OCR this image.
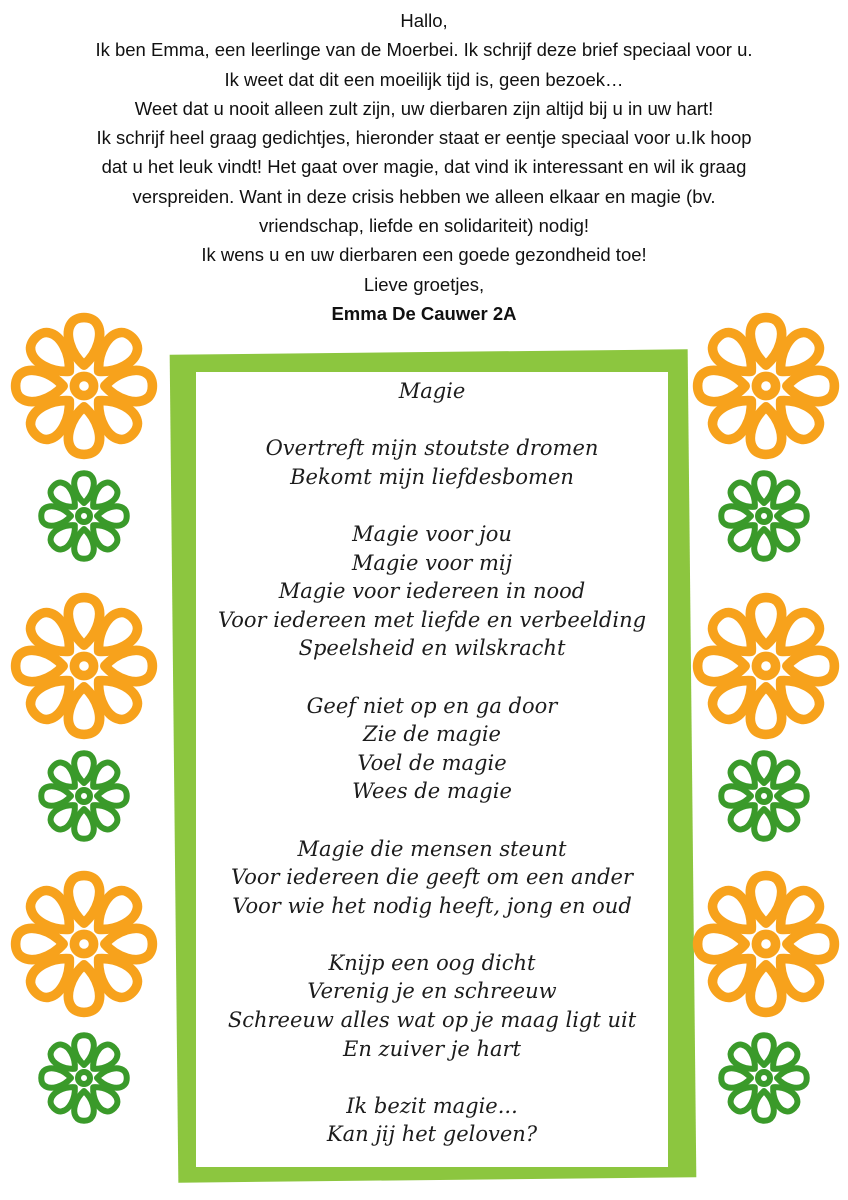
Hallo,
Ik ben Emma, een leerlinge van de Moerbei. Ik schrijf deze brief speciaal voor u.
Ik weet dat dit een moeilijk tijd is, geen bezoek…
Weet dat u nooit alleen zult zijn, uw dierbaren zijn altijd bij u in uw hart!
Ik schrijf heel graag gedichtjes, hieronder staat er eentje speciaal voor u.Ik hoop
dat u het leuk vindt! Het gaat over magie, dat vind ik interessant en wil ik graag
verspreiden. Want in deze crisis hebben we alleen elkaar en magie (bv.
vriendschap, liefde en solidariteit) nodig!
Ik wens u en uw dierbaren een goede gezondheid toe!
Lieve groetjes,
Emma De Cauwer 2A
Magie
Overtreft mijn stoutste dromen
Bekomt mijn liefdesbomen
Magie voor jou
Magie voor mij
Magie voor iedereen in nood
Voor iedereen met liefde en verbeelding
Speelsheid en wilskracht
Geef niet op en ga door
Zie de magie
Voel de magie
Wees de magie
Magie die mensen steunt
Voor iedereen die geeft om een ander
Voor wie het nodig heeft, jong en oud
Knijp een oog dicht
Verenig je en schreeuw
Schreeuw alles wat op je maag ligt uit
En zuiver je hart
Ik bezit magie...
Kan jij het geloven?
